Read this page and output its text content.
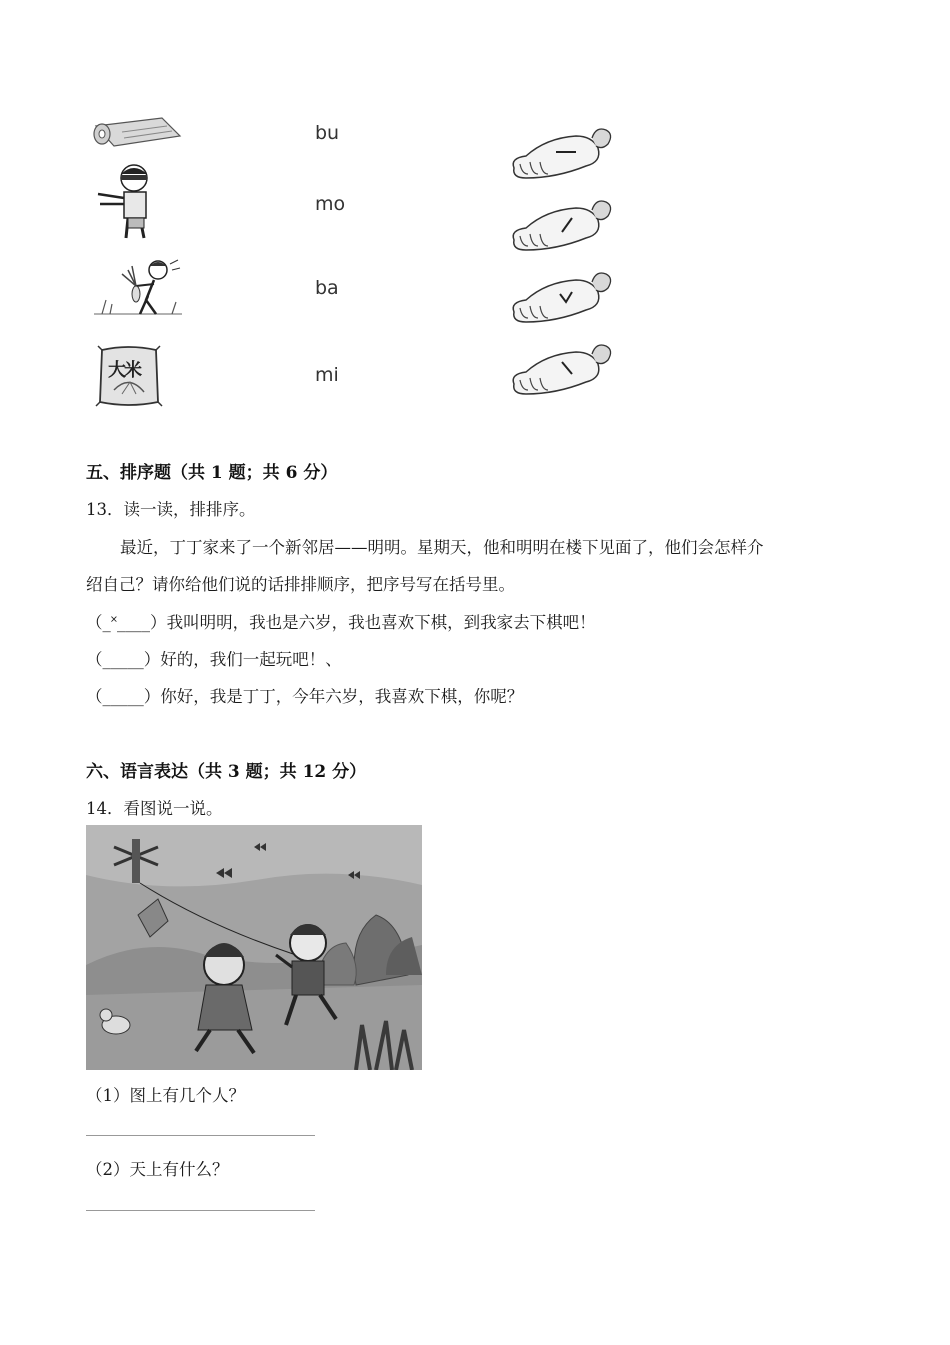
bu
mo
ba
大米	mi
五、排序题（共 1 题；共 6 分）
13．读一读，排排序。
最近，丁丁家来了一个新邻居——明明。星期天，他和明明在楼下见面了，他们会怎样介
绍自己？请你给他们说的话排排顺序，把序号写在括号里。
（_˟____）我叫明明，我也是六岁，我也喜欢下棋，到我家去下棋吧！
（_____）好的，我们一起玩吧！、
（_____）你好，我是丁丁，今年六岁，我喜欢下棋，你呢？
六、语言表达（共 3 题；共 12 分）
14．看图说一说。
（1）图上有几个人？
（2）天上有什么？
